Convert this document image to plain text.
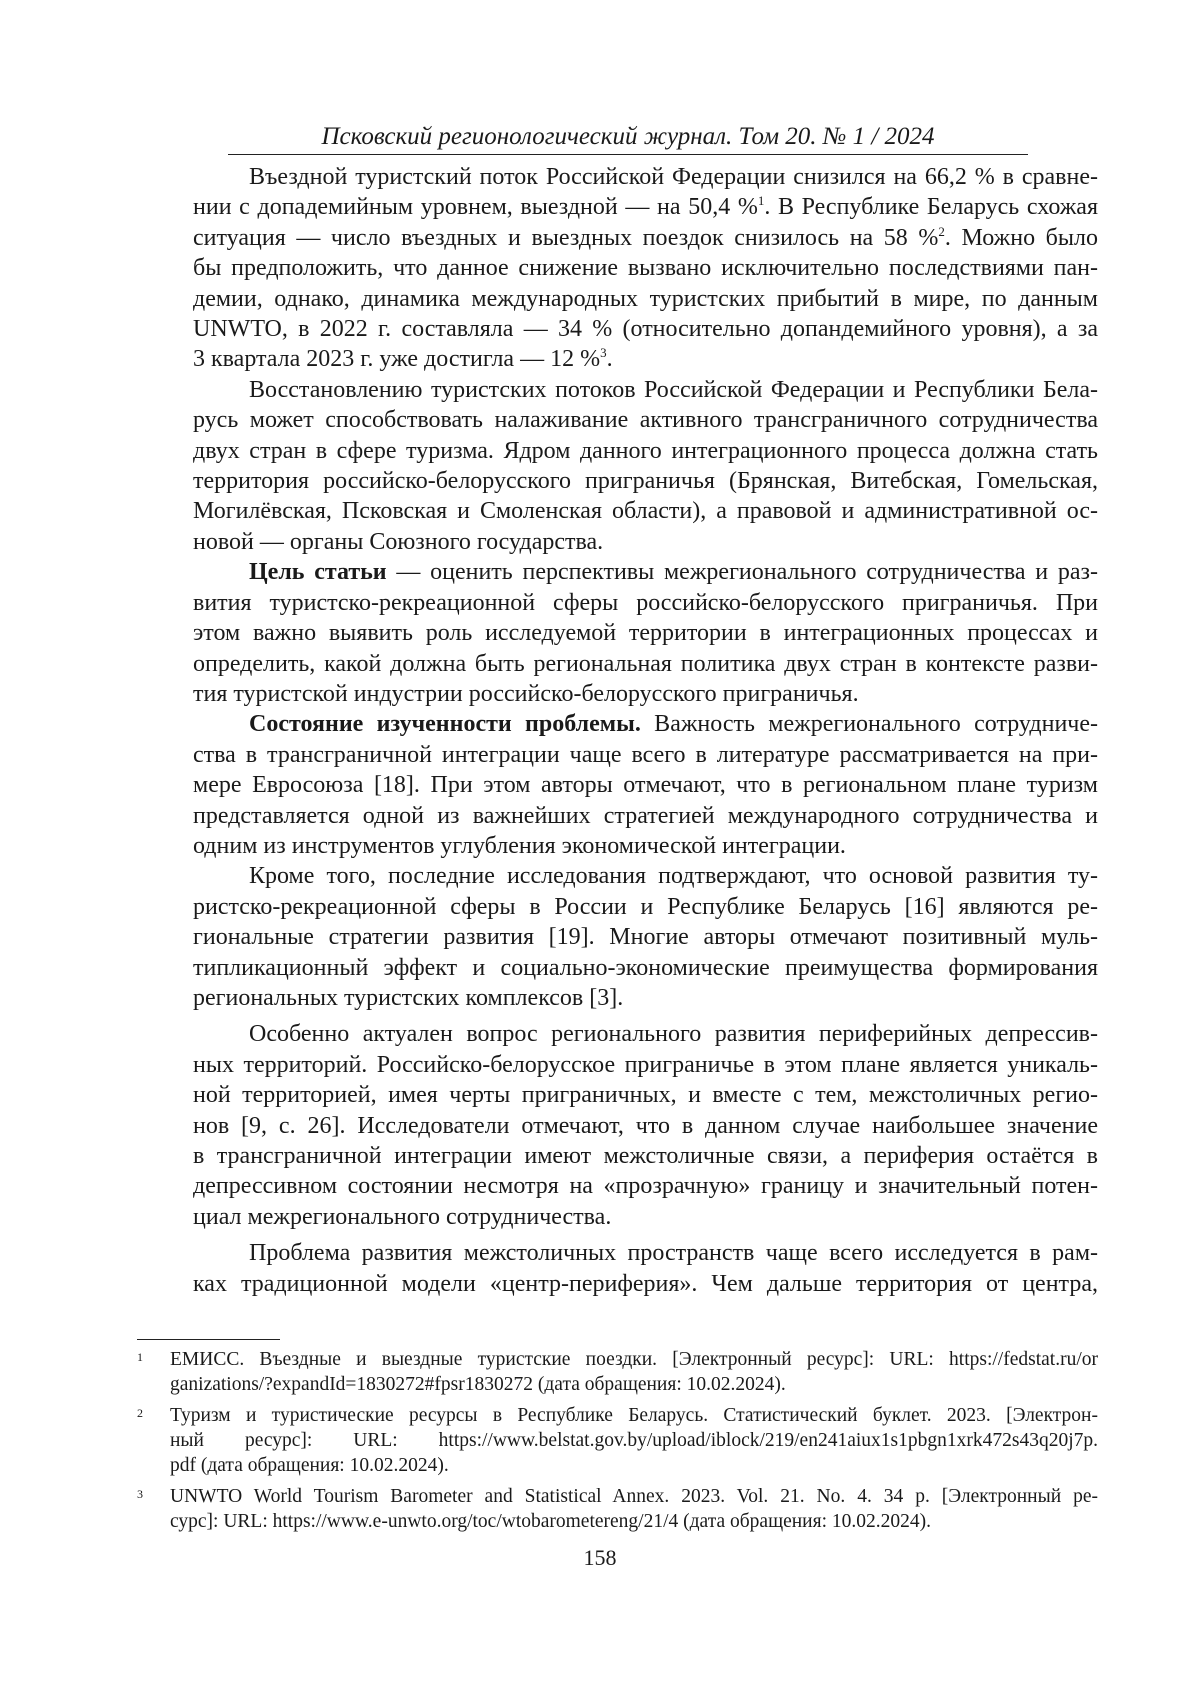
Псковский регионологический журнал. Том 20. № 1 / 2024

Въездной туристский поток Российской Федерации снизился на 66,2 % в сравне-
нии с допадемийным уровнем, выездной — на 50,4 %$^1$. В Республике Беларусь схожая
ситуация — число въездных и выездных поездок снизилось на 58 %$^2$. Можно было
бы предположить, что данное снижение вызвано исключительно последствиями пан-
демии, однако, динамика международных туристских прибытий в мире, по данным
UNWTO, в 2022 г. составляла — 34 % (относительно допандемийного уровня), а за
3 квартала 2023 г. уже достигла — 12 %$^3$.

Восстановлению туристских потоков Российской Федерации и Республики Бела-
русь может способствовать налаживание активного трансграничного сотрудничества
двух стран в сфере туризма. Ядром данного интеграционного процесса должна стать
территория российско-белорусского приграничья (Брянская, Витебская, Гомельская,
Могилёвская, Псковская и Смоленская области), а правовой и административной ос-
новой — органы Союзного государства.

Цель статьи — оценить перспективы межрегионального сотрудничества и раз-
вития туристско-рекреационной сферы российско-белорусского приграничья. При
этом важно выявить роль исследуемой территории в интеграционных процессах и
определить, какой должна быть региональная политика двух стран в контексте разви-
тия туристской индустрии российско-белорусского приграничья.

Состояние изученности проблемы. Важность межрегионального сотрудниче-
ства в трансграничной интеграции чаще всего в литературе рассматривается на при-
мере Евросоюза [18]. При этом авторы отмечают, что в региональном плане туризм
представляется одной из важнейших стратегией международного сотрудничества и
одним из инструментов углубления экономической интеграции.

Кроме того, последние исследования подтверждают, что основой развития ту-
ристско-рекреационной сферы в России и Республике Беларусь [16] являются ре-
гиональные стратегии развития [19]. Многие авторы отмечают позитивный муль-
типликационный эффект и социально-экономические преимущества формирования
региональных туристских комплексов [3].

Особенно актуален вопрос регионального развития периферийных депрессив-
ных территорий. Российско-белорусское приграничье в этом плане является уникаль-
ной территорией, имея черты приграничных, и вместе с тем, межстоличных регио-
нов [9, с. 26]. Исследователи отмечают, что в данном случае наибольшее значение
в трансграничной интеграции имеют межстоличные связи, а периферия остаётся в
депрессивном состоянии несмотря на «прозрачную» границу и значительный потен-
циал межрегионального сотрудничества.

Проблема развития межстоличных пространств чаще всего исследуется в рам-
ках традиционной модели «центр-периферия». Чем дальше территория от центра,

1 ЕМИСС. Въездные и выездные туристские поездки. [Электронный ресурс]: URL: https://fedstat.ru/or
ganizations/?expandId=1830272#fpsr1830272 (дата обращения: 10.02.2024).
2 Туризм и туристические ресурсы в Республике Беларусь. Статистический буклет. 2023. [Электрон-
ный ресурс]: URL: https://www.belstat.gov.by/upload/iblock/219/en241aiux1s1pbgn1xrk472s43q20j7p.
pdf (дата обращения: 10.02.2024).
3 UNWTO World Tourism Barometer and Statistical Annex. 2023. Vol. 21. No. 4. 34 p. [Электронный ре-
сурс]: URL: https://www.e-unwto.org/toc/wtobarometereng/21/4 (дата обращения: 10.02.2024).
158
